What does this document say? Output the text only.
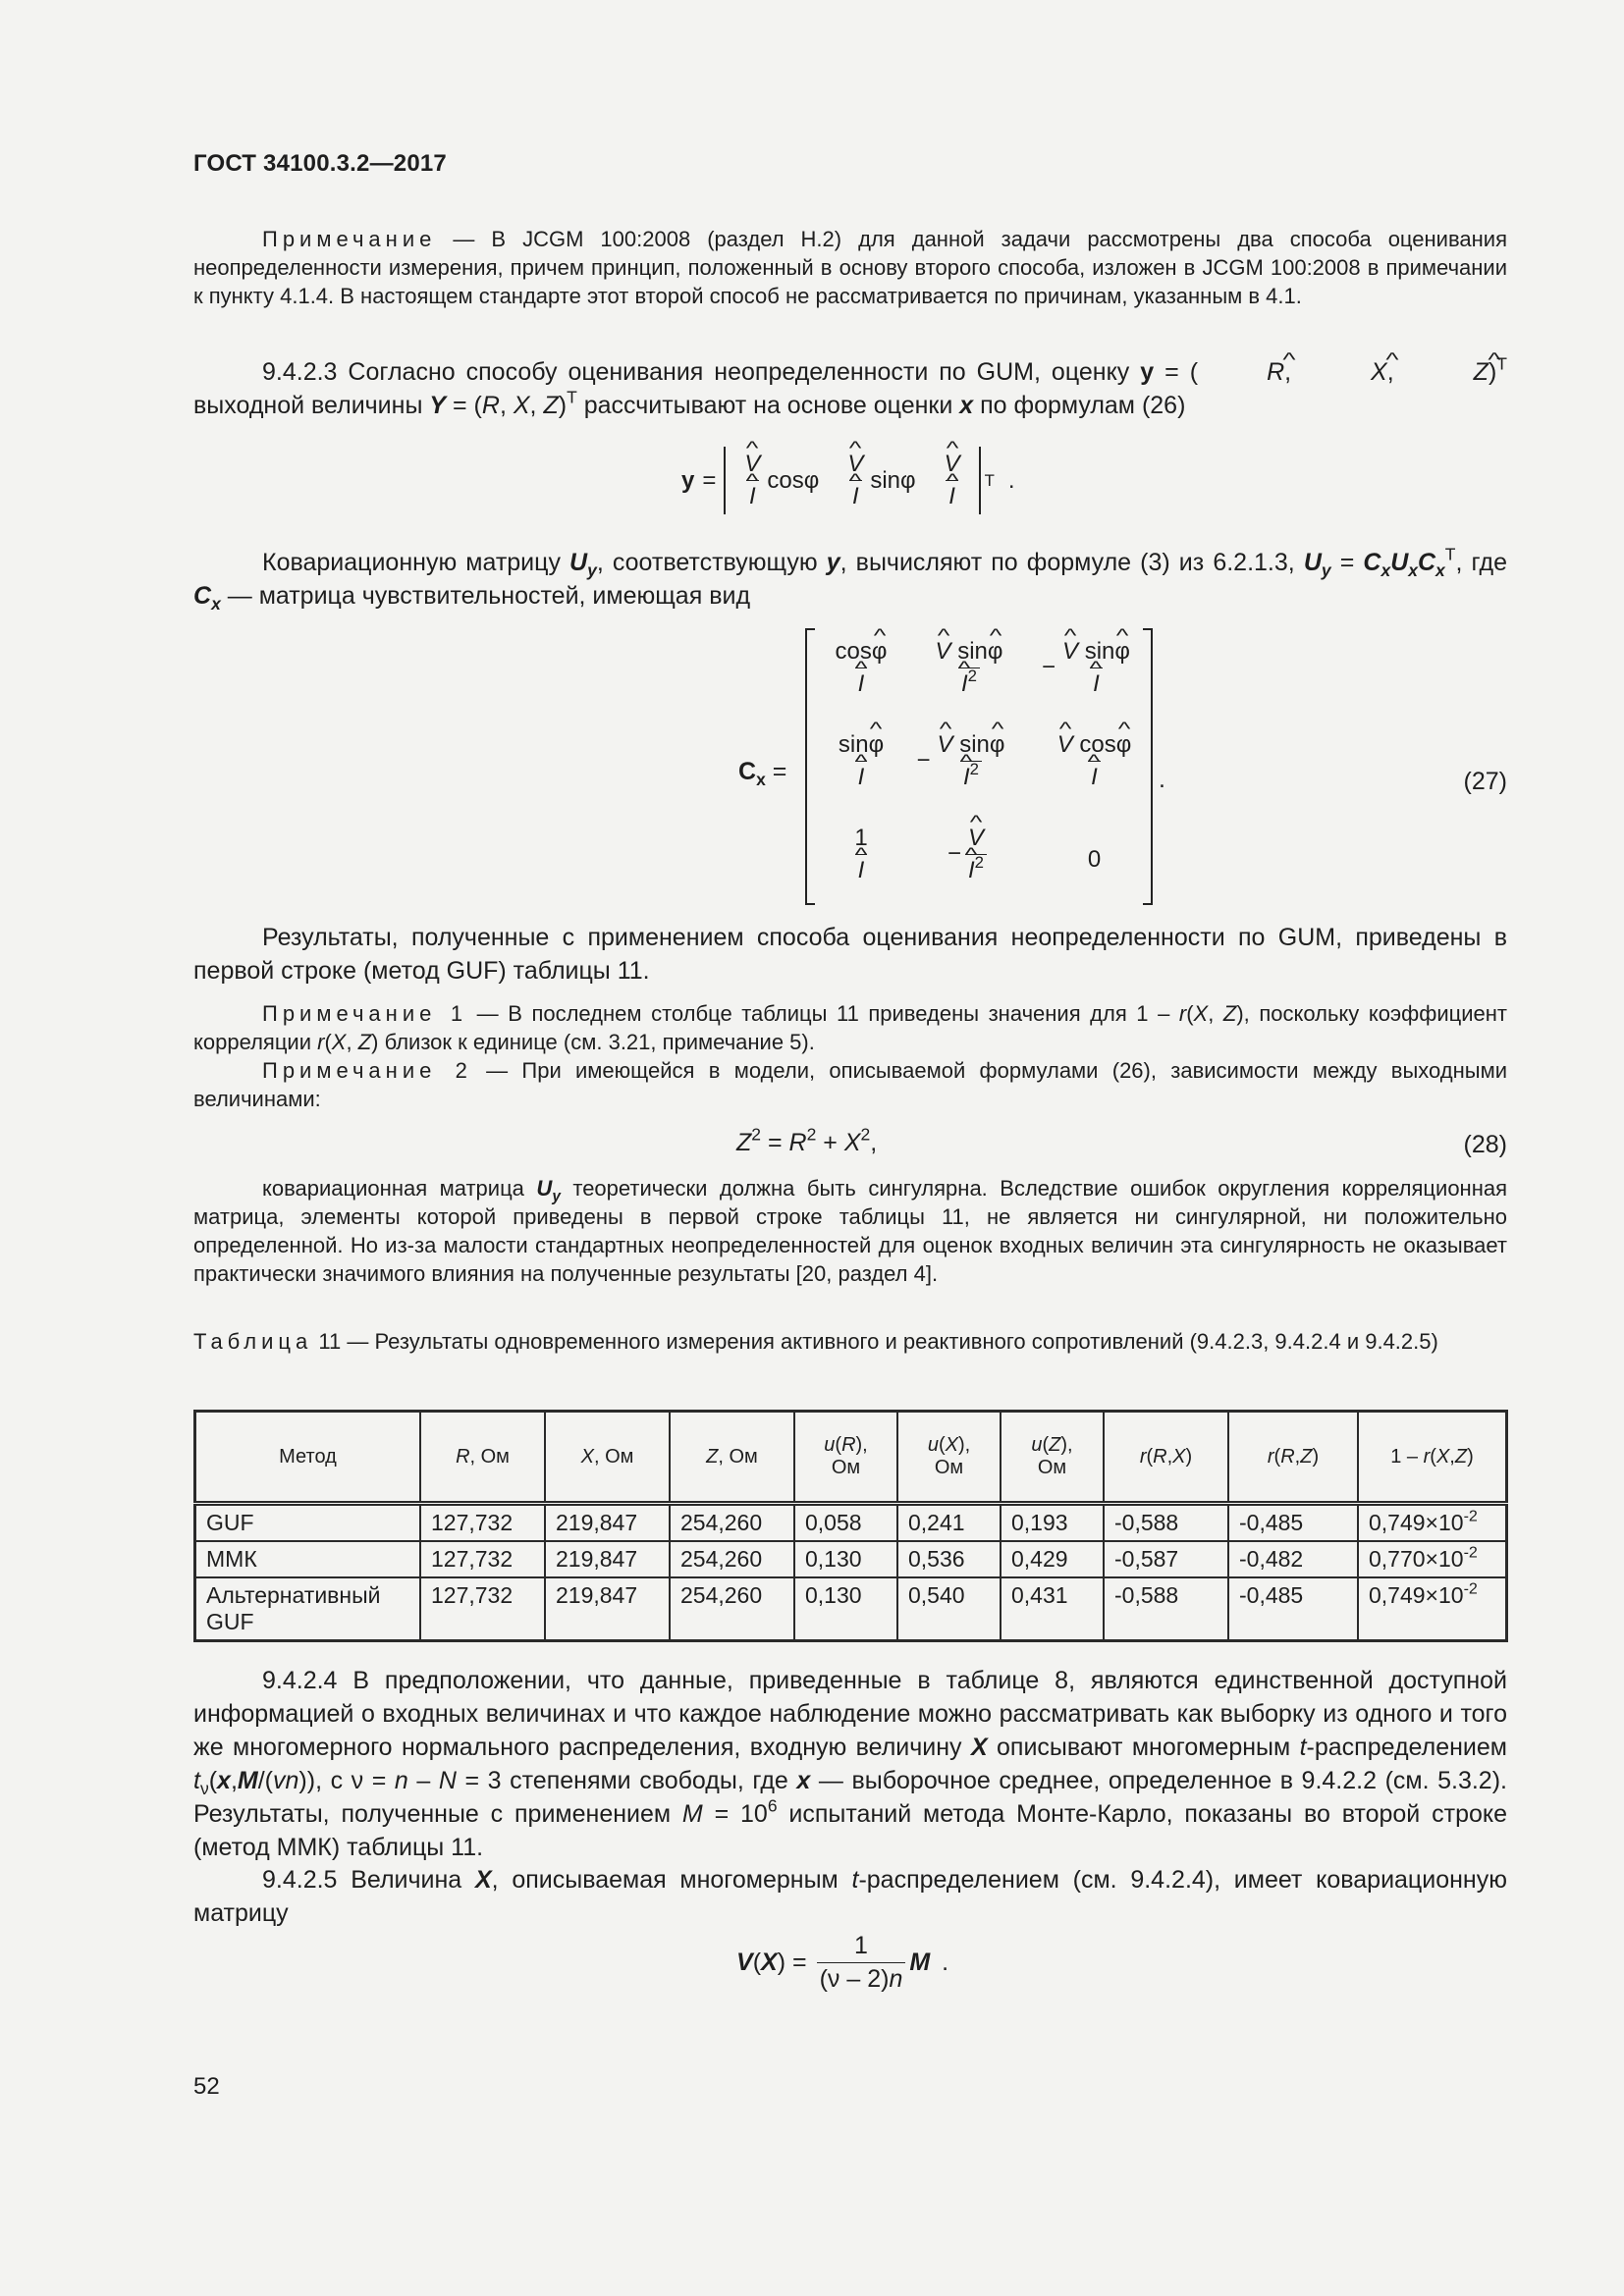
ГОСТ 34100.3.2—2017
Примечание — В JCGM 100:2008 (раздел Н.2) для данной задачи рассмотрены два способа оценивания неопределенности измерения, причем принцип, положенный в основу второго способа, изложен в JCGM 100:2008 в примечании к пункту 4.1.4. В настоящем стандарте этот второй способ не рассматривается по причинам, указанным в 4.1.
9.4.2.3 Согласно способу оценивания неопределенности по GUM, оценку y = (	^ R,	^ X,	^ Z)$^T$ выходной величины Y = (R, X, Z)$^T$ рассчитывают на основе оценки x по формулам (26)
y = ^ V
^ I cosφ ^ V
^ I sinφ ^ V
^ I T .
Ковариационную матрицу $U_y$, соответствующую y, вычисляют по формуле (3) из 6.2.1.3, $U_y = C_xU_xC_x^T$, где $C_x$ — матрица чувствительностей, имеющая вид
$C_x$ =
cos^ φ
^ I ^ V sin^ φ
^ $I^2$	− ^ V sin^ φ
^ I
sin^ φ
^ I	− ^ V sin^ φ
^ $I^2$ ^ V cos^ φ
^ I
1
^ I	− ^ V
^ $I^2$	0
.	(27)
Результаты, полученные с применением способа оценивания неопределенности по GUM, приведены в первой строке (метод GUF) таблицы 11.
Примечание 1 — В последнем столбце таблицы 11 приведены значения для 1 – r(X, Z), поскольку коэффициент корреляции r(X, Z) близок к единице (см. 3.21, примечание 5).
Примечание 2 — При имеющейся в модели, описываемой формулами (26), зависимости между выходными величинами:
$Z^2 = R^2 + X^2$,	(28)
ковариационная матрица $U_y$ теоретически должна быть сингулярна. Вследствие ошибок округления корреляционная матрица, элементы которой приведены в первой строке таблицы 11, не является ни сингулярной, ни положительно определенной. Но из-за малости стандартных неопределенностей для оценок входных величин эта сингулярность не оказывает практически значимого влияния на полученные результаты [20, раздел 4].
Таблица 11 — Результаты одновременного измерения активного и реактивного сопротивлений (9.4.2.3, 9.4.2.4 и 9.4.2.5)
Метод	R, Ом	X, Ом	Z, Ом	u(R),
Ом	u(X),
Ом	u(Z),
Ом	r(R,X)	r(R,Z)	1 – r(X,Z)
GUF	127,732	219,847	254,260	0,058	0,241	0,193	-0,588	-0,485	$0,749\times 10^{-2}$
ММК	127,732	219,847	254,260	0,130	0,536	0,429	-0,587	-0,482	$0,770\times 10^{-2}$
Альтернативный GUF	127,732	219,847	254,260	0,130	0,540	0,431	-0,588	-0,485	$0,749\times 10^{-2}$
9.4.2.4 В предположении, что данные, приведенные в таблице 8, являются единственной доступной информацией о входных величинах и что каждое наблюдение можно рассматривать как выборку из одного и того же многомерного нормального распределения, входную величину X описывают многомерным t-распределением $t_\nu(x,M/(vn))$, с ν = n – N = 3 степенями свободы, где x — выборочное среднее, определенное в 9.4.2.2 (см. 5.3.2). Результаты, полученные с применением $M = 10^6$ испытаний метода Монте-Карло, показаны во второй строке (метод ММК) таблицы 11.
9.4.2.5 Величина X, описываемая многомерным t-распределением (см. 9.4.2.4), имеет ковариационную матрицу
V ( X ) = $\frac{1}{(\nu - 2)n}$ M .
52
